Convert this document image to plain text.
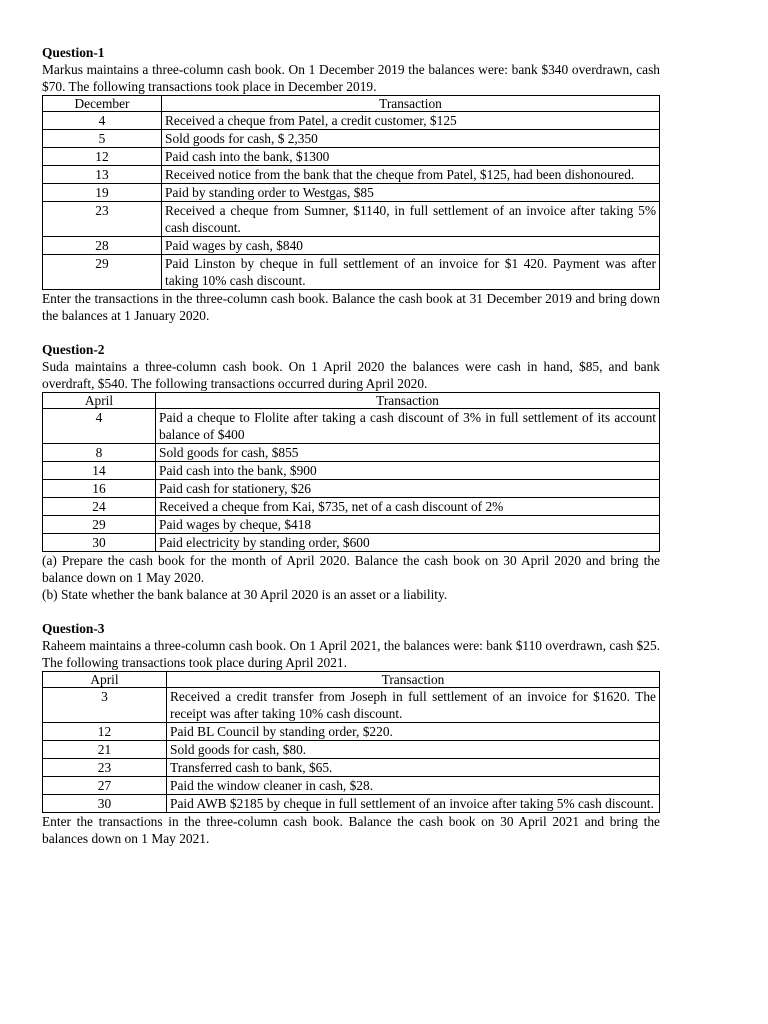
Question-1

Markus maintains a three-column cash book. On 1 December 2019 the balances were: bank $340 overdrawn, cash $70. The following transactions took place in December 2019.

December	Transaction
4	Received a cheque from Patel, a credit customer, $125
5	Sold goods for cash, $ 2,350
12	Paid cash into the bank, $1300
13	Received notice from the bank that the cheque from Patel, $125, had been dishonoured.
19	Paid by standing order to Westgas, $85
23	Received a cheque from Sumner, $1140, in full settlement of an invoice after taking 5% cash discount.
28	Paid wages by cash, $840
29	Paid Linston by cheque in full settlement of an invoice for $1 420. Payment was after taking 10% cash discount.

Enter the transactions in the three-column cash book. Balance the cash book at 31 December 2019 and bring down the balances at 1 January 2020.

Question-2

Suda maintains a three-column cash book. On 1 April 2020 the balances were cash in hand, $85, and bank overdraft, $540. The following transactions occurred during April 2020.

April	Transaction
4	Paid a cheque to Flolite after taking a cash discount of 3% in full settlement of its account balance of $400
8	Sold goods for cash, $855
14	Paid cash into the bank, $900
16	Paid cash for stationery, $26
24	Received a cheque from Kai, $735, net of a cash discount of 2%
29	Paid wages by cheque, $418
30	Paid electricity by standing order, $600

(a) Prepare the cash book for the month of April 2020. Balance the cash book on 30 April 2020 and bring the balance down on 1 May 2020.

(b) State whether the bank balance at 30 April 2020 is an asset or a liability.

Question-3

Raheem maintains a three-column cash book. On 1 April 2021, the balances were: bank $110 overdrawn, cash $25. The following transactions took place during April 2021.

April	Transaction
3	Received a credit transfer from Joseph in full settlement of an invoice for $1620. The receipt was after taking 10% cash discount.
12	Paid BL Council by standing order, $220.
21	Sold goods for cash, $80.
23	Transferred cash to bank, $65.
27	Paid the window cleaner in cash, $28.
30	Paid AWB $2185 by cheque in full settlement of an invoice after taking 5% cash discount.

Enter the transactions in the three-column cash book. Balance the cash book on 30 April 2021 and bring the balances down on 1 May 2021.
